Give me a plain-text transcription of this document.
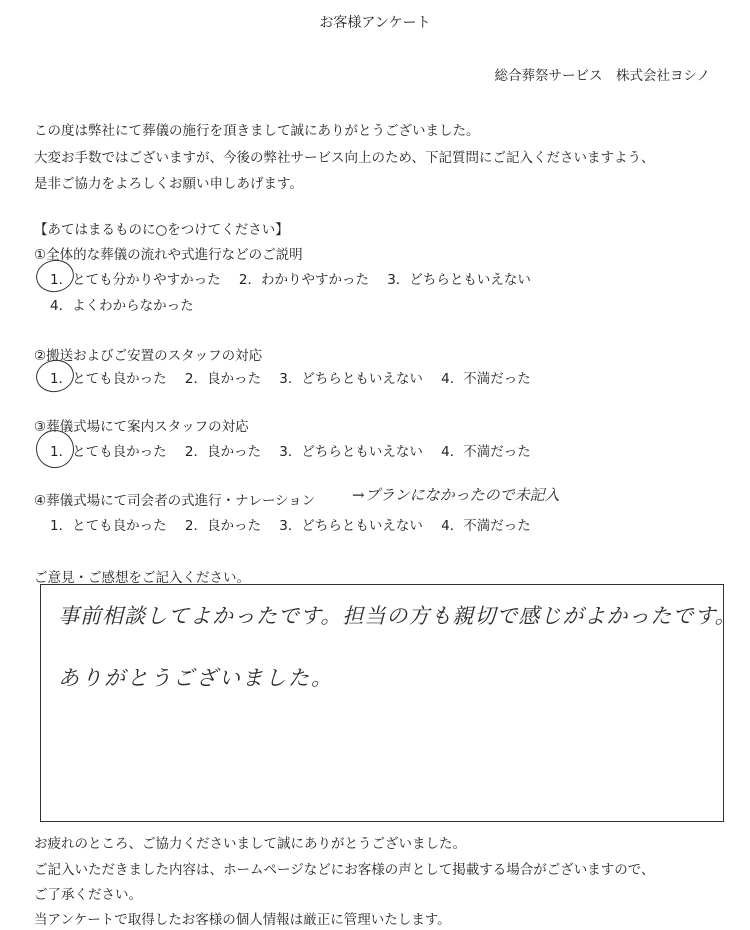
お客様アンケート
総合葬祭サービス　株式会社ヨシノ
この度は弊社にて葬儀の施行を頂きまして誠にありがとうございました。
大変お手数ではございますが、今後の弊社サービス向上のため、下記質問にご記入くださいますよう、
是非ご協力をよろしくお願い申しあげます。
【あてはまるものに○をつけてください】
①全体的な葬儀の流れや式進行などのご説明
1．とても分かりやすかった 2．わかりやすかった 3．どちらともいえない
4．よくわからなかった
②搬送およびご安置のスタッフの対応
1．とても良かった 2．良かった 3．どちらともいえない 4．不満だった
③葬儀式場にて案内スタッフの対応
1．とても良かった 2．良かった 3．どちらともいえない 4．不満だった
④葬儀式場にて司会者の式進行・ナレーション →プランになかったので未記入
1．とても良かった 2．良かった 3．どちらともいえない 4．不満だった
ご意見・ご感想をご記入ください。
事前相談してよかったです。担当の方も親切で感じがよかったです。
ありがとうございました。
お疲れのところ、ご協力くださいまして誠にありがとうございました。
ご記入いただきました内容は、ホームページなどにお客様の声として掲載する場合がございますので、
ご了承ください。
当アンケートで取得したお客様の個人情報は厳正に管理いたします。
